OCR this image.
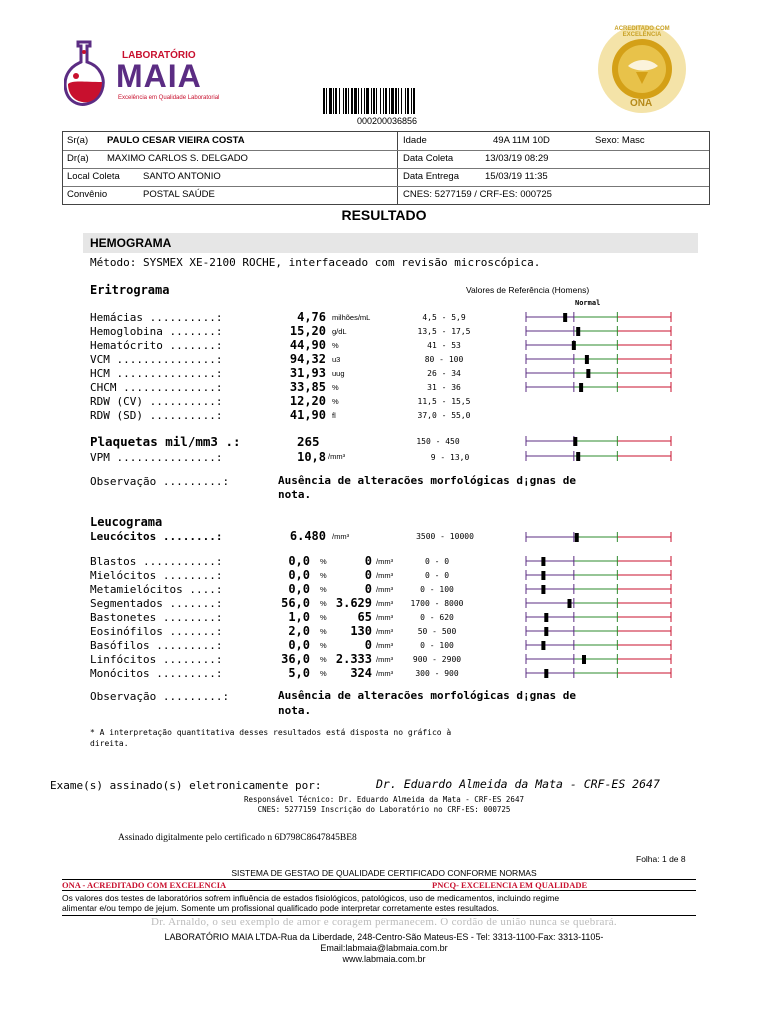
LABORATÓRIO
MAIA
Excelência em Qualidade Laboratorial
ACREDITADO COM EXCELÊNCIA
ONA
000200036856
Sr(a) PAULO CESAR VIEIRA COSTA	Idade	49A 11M 10D	Sexo: Masc
Dr(a) MAXIMO CARLOS S. DELGADO	Data Coleta	13/03/19 08:29
Local Coleta SANTO ANTONIO	Data Entrega	15/03/19 11:35
Convênio	POSTAL SAÚDE	CNES: 5277159 / CRF-ES: 000725
RESULTADO
HEMOGRAMA
Método: SYSMEX XE-2100 ROCHE, interfaceado com revisão microscópica.
Eritrograma	Valores de Referência (Homens)
Normal
Hemácias ..........:	4,76 milhões/mL	4,5 - 5,9
Hemoglobina .......:	15,20 g/dL	13,5 - 17,5
Hematócrito .......:	44,90 %	41 - 53
VCM ...............:	94,32 u3	80 - 100
HCM ...............:	31,93 uug	26 - 34
CHCM ..............:	33,85 %	31 - 36
RDW (CV) ..........:	12,20 %	11,5 - 15,5
RDW (SD) ..........:	41,90 fl	37,0 - 55,0
Plaquetas mil/mm3 .:	265	150 - 450
VPM ...............:	10,8 /mm³	9 - 13,0
Observação .........:	Ausência de alteracões morfológicas d¡gnas de
nota.
Leucograma
Leucócitos ........:	6.480 /mm³	3500 - 10000
Blastos ...........:	0,0 %	0 /mm³	0 - 0
Mielócitos ........:	0,0 %	0 /mm³	0 - 0
Metamielócitos ....:	0,0 %	0 /mm³	0 - 100
Segmentados .......:	56,0 % 3.629 /mm³	1700 - 8000
Bastonetes ........:	1,0 %	65 /mm³	0 - 620
Eosinófilos .......:	2,0 %	130 /mm³	50 - 500
Basófilos .........:	0,0 %	0 /mm³	0 - 100
Linfócitos ........:	36,0 % 2.333 /mm³	900 - 2900
Monócitos .........:	5,0 %	324 /mm³	300 - 900
Observação .........:	Ausência de alteracões morfológicas d¡gnas de
nota.
* A interpretação quantitativa desses resultados está disposta no gráfico à
direita.
Exame(s) assinado(s) eletronicamente por:	Dr. Eduardo Almeida da Mata - CRF-ES 2647
Responsável Técnico: Dr. Eduardo Almeida da Mata - CRF-ES 2647
CNES: 5277159 Inscrição do Laboratório no CRF-ES: 000725
Assinado digitalmente pelo certificado n 6D798C8647845BE8
Folha: 1 de 8
SISTEMA DE GESTAO DE QUALIDADE CERTIFICADO CONFORME NORMAS
ONA - ACREDITADO COM EXCELENCIA	PNCQ- EXCELENCIA EM QUALIDADE
Os valores dos testes de laboratórios sofrem influência de estados fisiológicos, patológicos, uso de medicamentos, incluindo regime
alimentar e/ou tempo de jejum. Somente um profissional qualificado pode interpretar corretamente estes resultados.
Dr. Arnaldo, o seu exemplo de amor e coragem permanecem. O cordão de união nunca se quebrará.
LABORATÓRIO MAIA LTDA-Rua da Liberdade, 248-Centro-São Mateus-ES - Tel: 3313-1100-Fax: 3313-1105-
Email:labmaia@labmaia.com.br
www.labmaia.com.br
